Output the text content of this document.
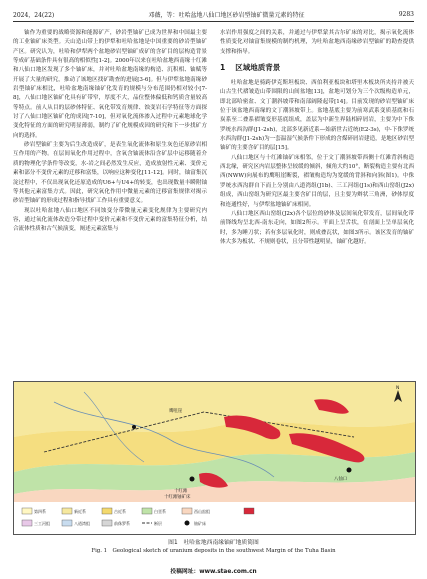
2024，24(22)	邓薇，等：吐哈盆地八仙口地区砂岩型铀矿微量元素的特征	9283

铀作为重要的战略资源和能源矿产，砂岩型铀矿已成为世界和中国最主要的工业铀矿床类型。天山造山带上的伊犁和吐哈盆地是中国重要的砂岩型铀矿产区。研究认为，吐哈和伊犁两个盆地砂岩型铀矿成矿的含矿目的层构造背景等成矿基础条件具有很高的相似性[1-2]。2000年以来在吐哈盆地西南缘十红滩和八仙口地区发现了多个铀矿床，并对吐哈盆地南缘的构造、沉积相、铀赋等开展了大量的研究，推动了该地区找矿勘查的进展[3-6]。但与伊犁盆地南缘砂岩型铀矿床相比，吐哈盆地南缘铀矿化发育的规模与分布范围仍相对较小[7-8]，八仙口地区铀矿化具有矿带窄，厚度不大，品位整体偏低和钙质含量较高等特点。前人从目的层砂体特征、氧化带发育规律、蚀变岩石学特征等方面探讨了八仙口地区铀矿化的成因[7-10]，但对氧化流体渗入过程中元素地球化学变化特征的方面的研究明显薄弱，制约了矿化规模成因的研究和下一步找矿方向的选择。

砂岩型铀矿主要为后生改造成矿，是表生氧化流体和原生灰色还原砂岩相互作用的产物。在层间氧化作用过程中，含氧含铀流体沿含矿层中运移随着介质的物理化学条件等改变，水-岩之间必然发生反应，造成放射性元素、变价元素和部分不变价元素的迁移和富集，以响应这种变化[11-12]。同时，铀富集沉淀过程中，不仅出现氧化还原造成的U6+与U4+的转变，也出现数量丰瞬附铀等其他元素富集方式。因此，研究氧化作用中微量元素的迁移富集规律对揭示砂岩型铀矿的形成过程和指导找矿工作具有重要意义。

现以吐哈盆地八仙口地区不同蚀变分带微量元素变化规律为主要研究内容，通过氧化流体改造分带过程中变价元素和不变价元素的富集特征分析，结合流体性质和古气候演变，阐述元素富集与

水岩作用强度之间的关系，并通过与伊犁蒙其古尔矿床的对比，揭示氧化流体性质变化对铀富集规模的制约机理，为吐哈盆地西南缘砂岩型铀矿的勘查提供支撑和指导。

1 区域地质背景

吐哈盆地是骑跨伊克斯坦板块、西伯利亚板块和塔里木板块所夹持并被天山古生代褶皱造山带围限的山间盆地[13]，盆地可划分为三个次级构造单元，即北部哈密盆、文丁潮斜坡带和南部阔隆起带[14]。目前发现的砂岩型铀矿床位于该盆地西南缘的文丁潮斜坡带上。盆地基底主要为前寒武系变质基底和石炭系至二叠系褶皱变形基底组成，盖层为中新生界陆相碎屑岩，主要为中下侏罗统水西沟群(J1-2sh)，北部多见新近系—始新世古近统(E2-3s)，中-下侏罗统水西沟群(J1-2sh)为一套温湿气候条件下形成的含煤碎屑岩建造，是地区砂岩型铀矿的主要含矿目的层[15]。

八仙口地区与十红滩铀矿床相邻，位于文丁潮斜坡带西侧十红滩背斜构造西北缘，研究区内岩层整体呈较缓的倾斜，倾角大约10°，断裂构造主要有北西西(NWW)向展布的鹰咀崖断裂，褶皱构造均为宽缓的背斜和向斜(图1)。中侏罗统水西沟群自下而上分别由八道湾组(J1b)、三工河组(J1s)和西山窑组(J2x)组成，西山窑组为研究区最主要含矿目的层，且主要为辫状三角洲，砂体厚度和连通性好，与伊犁盆地铀矿床相同。

八仙口地区西山窑组(J2x)各个层位的砂体及层间氧化带发育，层间氧化带前锋线均呈北西-南东走向，如图2所示。平面上呈舌状，在剖面上呈单层氧化时，多为睡刀状；若有多层氧化时，则成叠瓦状，如图3所示。该区发育的铀矿体大多为板状、不规则卷状，且分带性越明显，铀矿化越好。

鹰咀崖
十红滩
十红滩铀矿床
八仙口
N
第四系	新近系	古近系	白垩系	西山窑组
三工河组	八道湾组	前侏罗系	断层	铀矿床
图1　吐哈盆地西南缘铀矿地质简图
Fig. 1　Geological sketch of uranium deposits in the southwest Margin of the Tuha Basin
投稿网址：www.stae.com.cn
